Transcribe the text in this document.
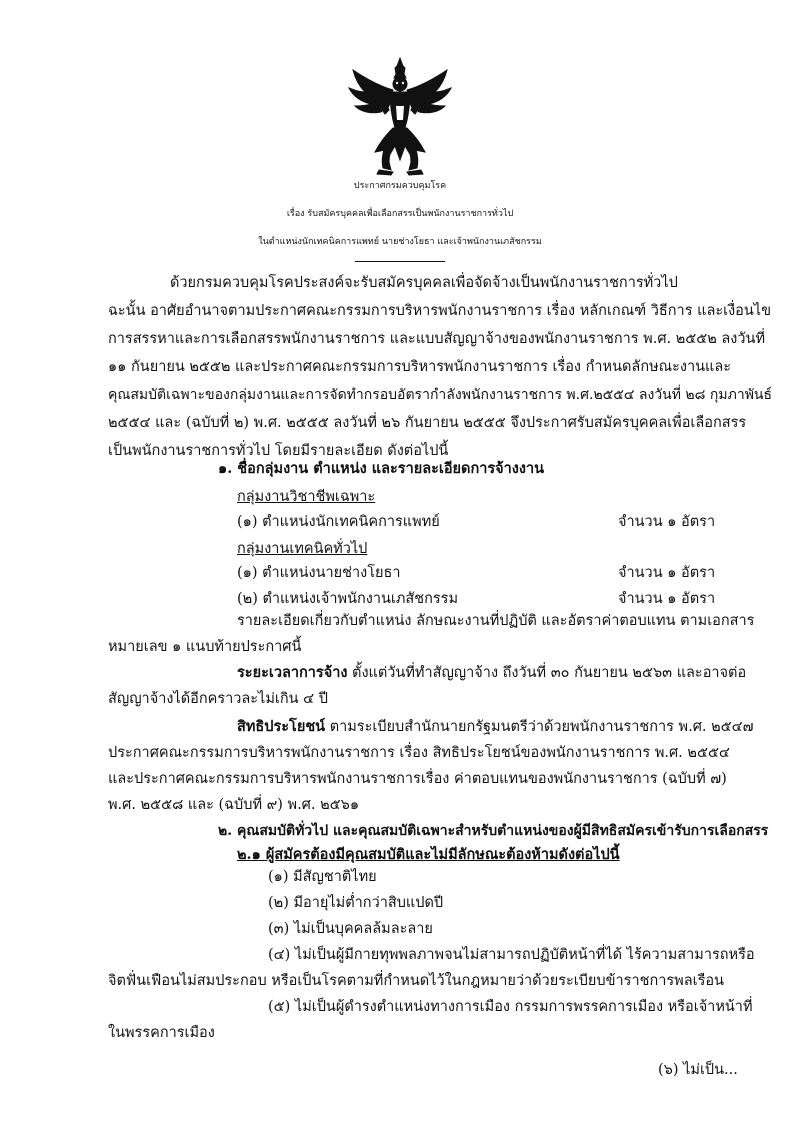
ประกาศกรมควบคุมโรค
เรื่อง รับสมัครบุคคลเพื่อเลือกสรรเป็นพนักงานราชการทั่วไป
ในตำแหน่งนักเทคนิคการแพทย์ นายช่างโยธา และเจ้าพนักงานเภสัชกรรม
ด้วยกรมควบคุมโรคประสงค์จะรับสมัครบุคคลเพื่อจัดจ้างเป็นพนักงานราชการทั่วไป
ฉะนั้น อาศัยอำนาจตามประกาศคณะกรรมการบริหารพนักงานราชการ เรื่อง หลักเกณฑ์ วิธีการ และเงื่อนไข
การสรรหาและการเลือกสรรพนักงานราชการ และแบบสัญญาจ้างของพนักงานราชการ พ.ศ. ๒๕๕๒ ลงวันที่
๑๑ กันยายน ๒๕๕๒ และประกาศคณะกรรมการบริหารพนักงานราชการ เรื่อง กำหนดลักษณะงานและ
คุณสมบัติเฉพาะของกลุ่มงานและการจัดทำกรอบอัตรากำลังพนักงานราชการ พ.ศ.๒๕๕๔ ลงวันที่ ๒๘ กุมภาพันธ์
๒๕๕๔ และ (ฉบับที่ ๒) พ.ศ. ๒๕๕๕ ลงวันที่ ๒๖ กันยายน ๒๕๕๕ จึงประกาศรับสมัครบุคคลเพื่อเลือกสรร
เป็นพนักงานราชการทั่วไป โดยมีรายละเอียด ดังต่อไปนี้
๑. ชื่อกลุ่มงาน ตำแหน่ง และรายละเอียดการจ้างงาน
กลุ่มงานวิชาชีพเฉพาะ
(๑) ตำแหน่งนักเทคนิคการแพทย์	จำนวน ๑ อัตรา
กลุ่มงานเทคนิคทั่วไป
(๑) ตำแหน่งนายช่างโยธา	จำนวน ๑ อัตรา
(๒) ตำแหน่งเจ้าพนักงานเภสัชกรรม	จำนวน ๑ อัตรา
รายละเอียดเกี่ยวกับตำแหน่ง ลักษณะงานที่ปฏิบัติ และอัตราค่าตอบแทน ตามเอกสาร
หมายเลข ๑ แนบท้ายประกาศนี้
ระยะเวลาการจ้าง ตั้งแต่วันที่ทำสัญญาจ้าง ถึงวันที่ ๓๐ กันยายน ๒๕๖๓ และอาจต่อ
สัญญาจ้างได้อีกคราวละไม่เกิน ๔ ปี
สิทธิประโยชน์ ตามระเบียบสำนักนายกรัฐมนตรีว่าด้วยพนักงานราชการ พ.ศ. ๒๕๔๗
ประกาศคณะกรรมการบริหารพนักงานราชการ เรื่อง สิทธิประโยชน์ของพนักงานราชการ พ.ศ. ๒๕๕๔
และประกาศคณะกรรมการบริหารพนักงานราชการเรื่อง ค่าตอบแทนของพนักงานราชการ (ฉบับที่ ๗)
พ.ศ. ๒๕๕๘ และ (ฉบับที่ ๙) พ.ศ. ๒๕๖๑
๒. คุณสมบัติทั่วไป และคุณสมบัติเฉพาะสำหรับตำแหน่งของผู้มีสิทธิสมัครเข้ารับการเลือกสรร
๒.๑ ผู้สมัครต้องมีคุณสมบัติและไม่มีลักษณะต้องห้ามดังต่อไปนี้
(๑) มีสัญชาติไทย
(๒) มีอายุไม่ต่ำกว่าสิบแปดปี
(๓) ไม่เป็นบุคคลล้มละลาย
(๔) ไม่เป็นผู้มีกายทุพพลภาพจนไม่สามารถปฏิบัติหน้าที่ได้ ไร้ความสามารถหรือ
จิตฟั่นเฟือนไม่สมประกอบ หรือเป็นโรคตามที่กำหนดไว้ในกฎหมายว่าด้วยระเบียบข้าราชการพลเรือน
(๕) ไม่เป็นผู้ดำรงตำแหน่งทางการเมือง กรรมการพรรคการเมือง หรือเจ้าหน้าที่
ในพรรคการเมือง
(๖) ไม่เป็น...
